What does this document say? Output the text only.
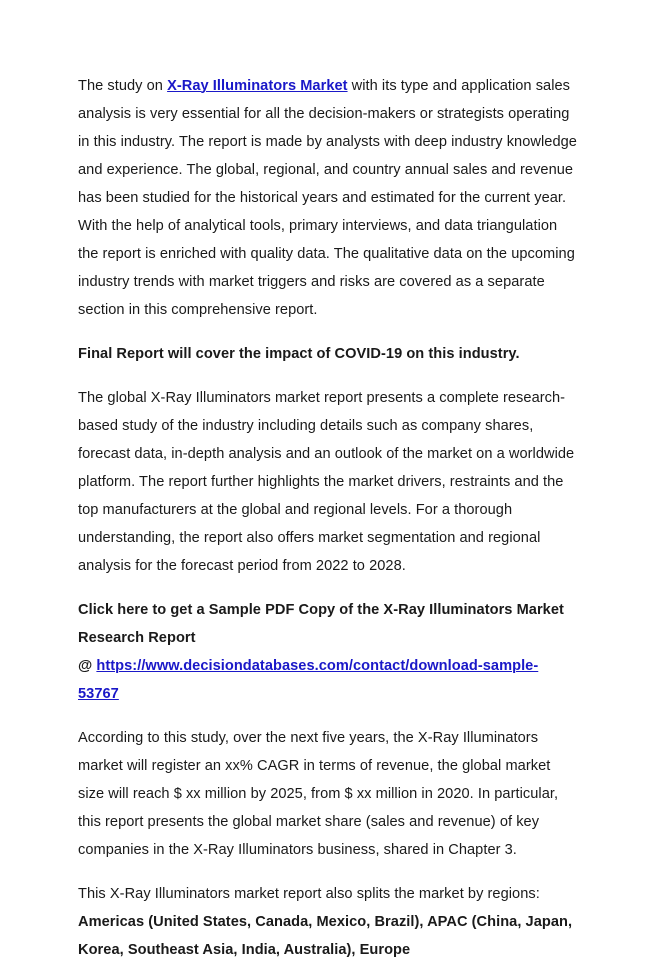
The study on X-Ray Illuminators Market with its type and application sales analysis is very essential for all the decision-makers or strategists operating in this industry. The report is made by analysts with deep industry knowledge and experience. The global, regional, and country annual sales and revenue has been studied for the historical years and estimated for the current year. With the help of analytical tools, primary interviews, and data triangulation the report is enriched with quality data. The qualitative data on the upcoming industry trends with market triggers and risks are covered as a separate section in this comprehensive report.

Final Report will cover the impact of COVID-19 on this industry.

The global X-Ray Illuminators market report presents a complete research-based study of the industry including details such as company shares, forecast data, in-depth analysis and an outlook of the market on a worldwide platform. The report further highlights the market drivers, restraints and the top manufacturers at the global and regional levels. For a thorough understanding, the report also offers market segmentation and regional analysis for the forecast period from 2022 to 2028.

Click here to get a Sample PDF Copy of the X-Ray Illuminators Market Research Report
@ https://www.decisiondatabases.com/contact/download-sample-53767

According to this study, over the next five years, the X-Ray Illuminators market will register an xx% CAGR in terms of revenue, the global market size will reach $ xx million by 2025, from $ xx million in 2020. In particular, this report presents the global market share (sales and revenue) of key companies in the X-Ray Illuminators business, shared in Chapter 3.

This X-Ray Illuminators market report also splits the market by regions: Americas (United States, Canada, Mexico, Brazil), APAC (China, Japan, Korea, Southeast Asia, India, Australia), Europe
